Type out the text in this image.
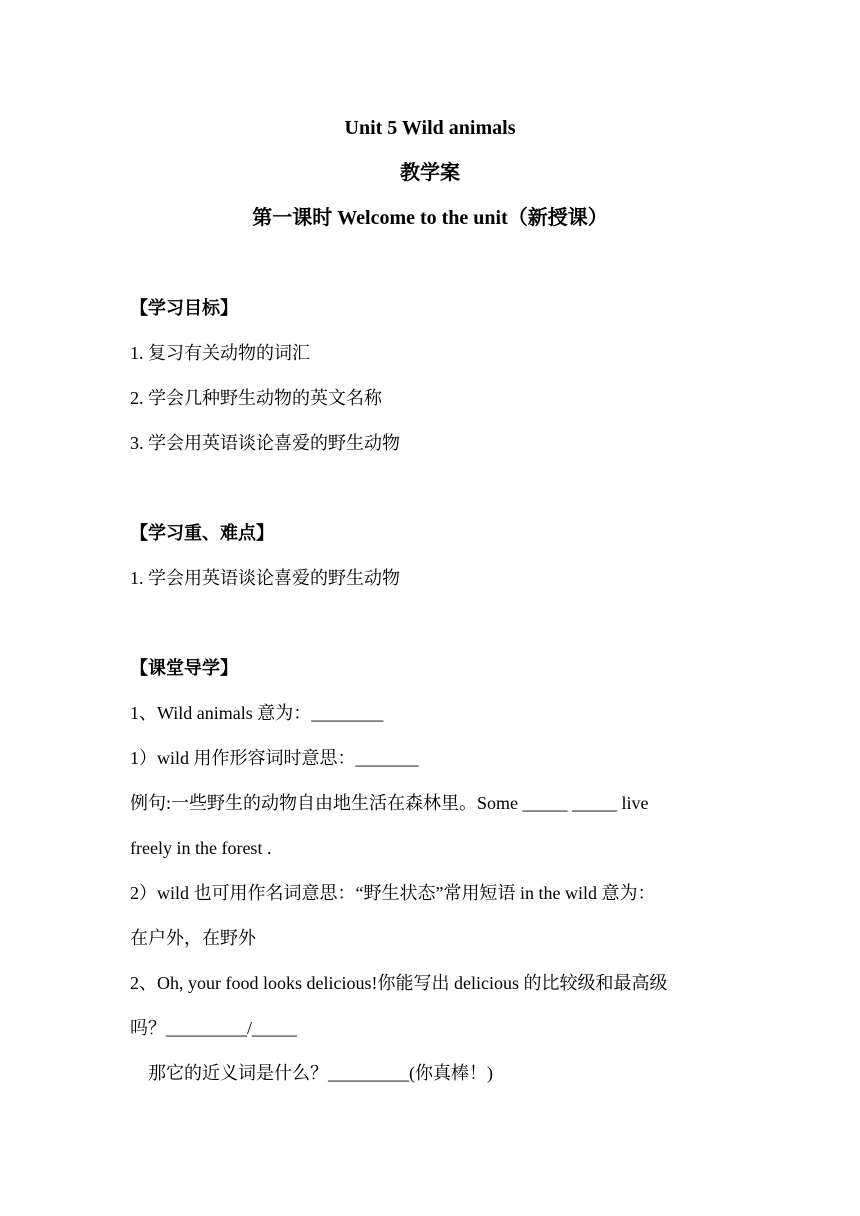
Unit 5 Wild animals
教学案
第一课时 Welcome to the unit（新授课）
【学习目标】
1. 复习有关动物的词汇
2. 学会几种野生动物的英文名称
3. 学会用英语谈论喜爱的野生动物
【学习重、难点】
1. 学会用英语谈论喜爱的野生动物
【课堂导学】
1、Wild animals 意为：________
1）wild 用作形容词时意思：_______
例句:一些野生的动物自由地生活在森林里。Some _____ _____ live
freely in the forest .
2）wild 也可用作名词意思：“野生状态”常用短语 in the wild 意为：
在户外，在野外
2、Oh, your food looks delicious!你能写出 delicious 的比较级和最高级
吗？_________/_____
那它的近义词是什么？_________(你真棒！)
